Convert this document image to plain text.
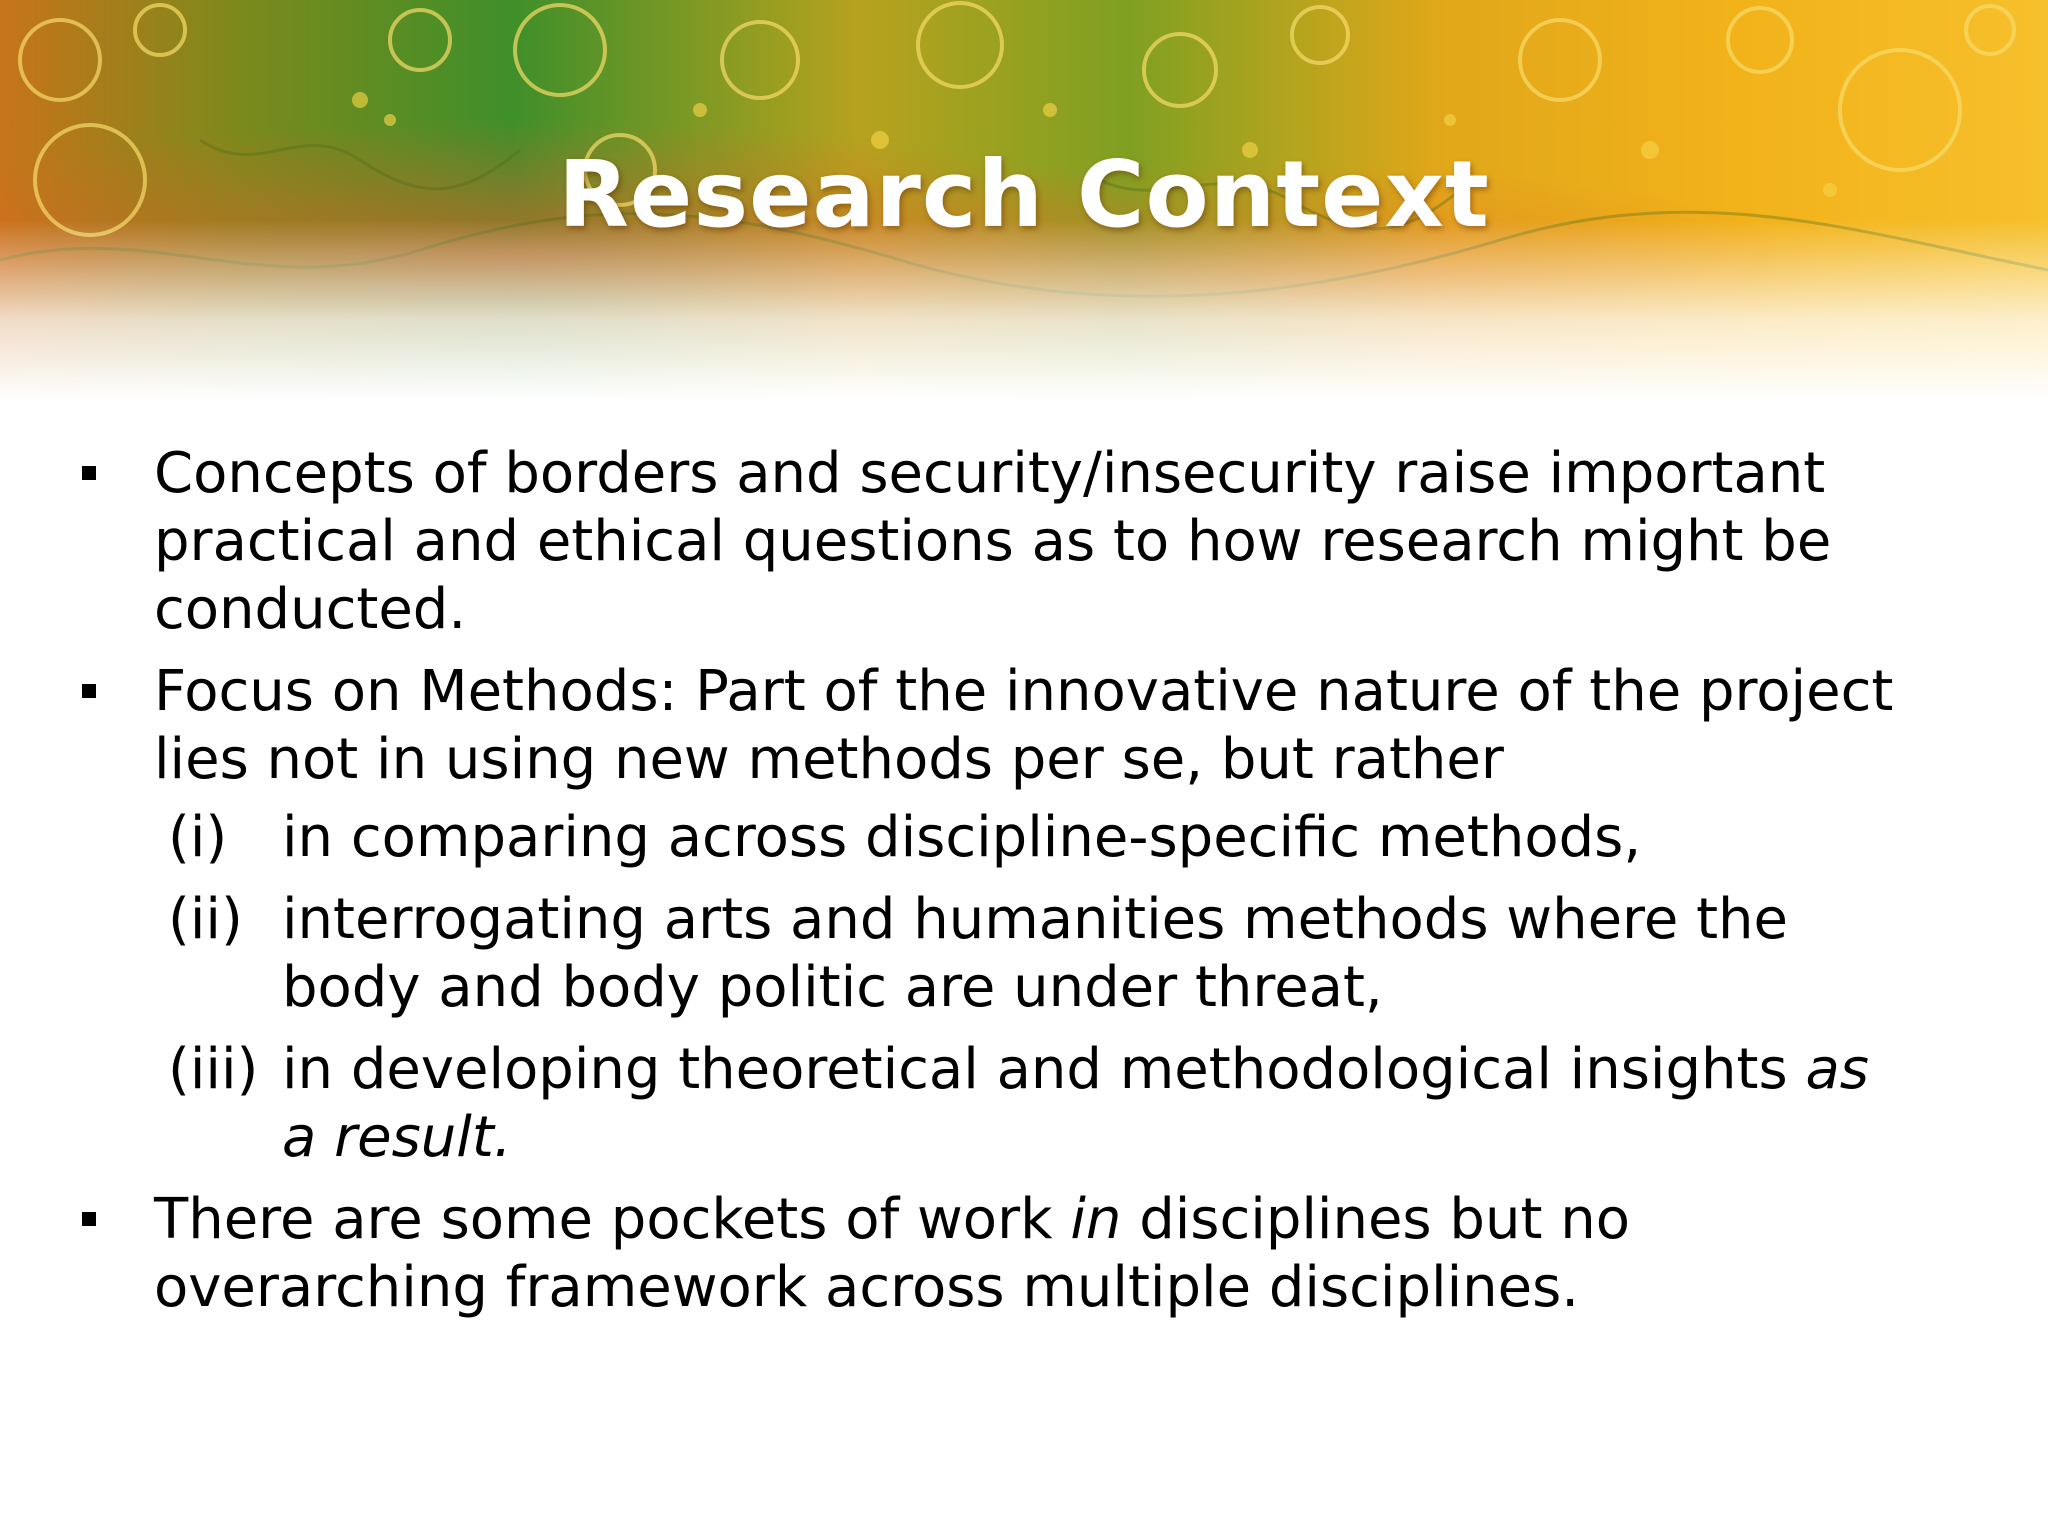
Research Context
Concepts of borders and security/insecurity raise important practical and ethical questions as to how research might be conducted.
Focus on Methods: Part of the innovative nature of the project lies not in using new methods per se, but rather
(i) in comparing across discipline-specific methods,
(ii) interrogating arts and humanities methods where the body and body politic are under threat,
(iii) in developing theoretical and methodological insights as a result.
There are some pockets of work in disciplines but no overarching framework across multiple disciplines.
